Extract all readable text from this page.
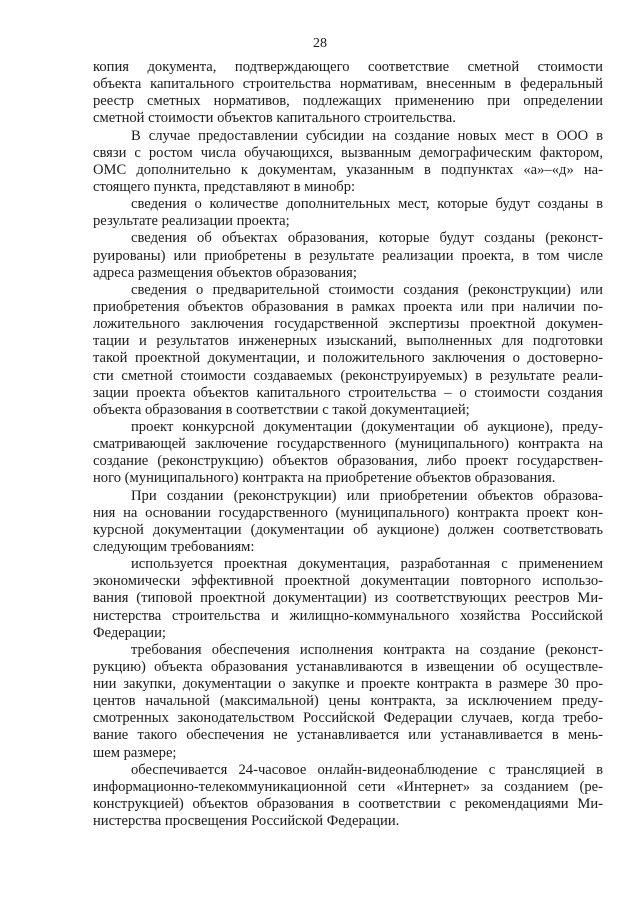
28
копия документа, подтверждающего соответствие сметной стоимости
объекта капитального строительства нормативам, внесенным в федеральный
реестр сметных нормативов, подлежащих применению при определении
сметной стоимости объектов капитального строительства.
В случае предоставлении субсидии на создание новых мест в ООО в
связи с ростом числа обучающихся, вызванным демографическим фактором,
ОМС дополнительно к документам, указанным в подпунктах «а»–«д» на-
стоящего пункта, представляют в минобр:
сведения о количестве дополнительных мест, которые будут созданы в
результате реализации проекта;
сведения об объектах образования, которые будут созданы (реконст-
руированы) или приобретены в результате реализации проекта, в том числе
адреса размещения объектов образования;
сведения о предварительной стоимости создания (реконструкции) или
приобретения объектов образования в рамках проекта или при наличии по-
ложительного заключения государственной экспертизы проектной докумен-
тации и результатов инженерных изысканий, выполненных для подготовки
такой проектной документации, и положительного заключения о достоверно-
сти сметной стоимости создаваемых (реконструируемых) в результате реали-
зации проекта объектов капитального строительства – о стоимости создания
объекта образования в соответствии с такой документацией;
проект конкурсной документации (документации об аукционе), преду-
сматривающей заключение государственного (муниципального) контракта на
создание (реконструкцию) объектов образования, либо проект государствен-
ного (муниципального) контракта на приобретение объектов образования.
При создании (реконструкции) или приобретении объектов образова-
ния на основании государственного (муниципального) контракта проект кон-
курсной документации (документации об аукционе) должен соответствовать
следующим требованиям:
используется проектная документация, разработанная с применением
экономически эффективной проектной документации повторного использо-
вания (типовой проектной документации) из соответствующих реестров Ми-
нистерства строительства и жилищно-коммунального хозяйства Российской
Федерации;
требования обеспечения исполнения контракта на создание (реконст-
рукцию) объекта образования устанавливаются в извещении об осуществле-
нии закупки, документации о закупке и проекте контракта в размере 30 про-
центов начальной (максимальной) цены контракта, за исключением преду-
смотренных законодательством Российской Федерации случаев, когда требо-
вание такого обеспечения не устанавливается или устанавливается в мень-
шем размере;
обеспечивается 24-часовое онлайн-видеонаблюдение с трансляцией в
информационно-телекоммуникационной сети «Интернет» за созданием (ре-
конструкцией) объектов образования в соответствии с рекомендациями Ми-
нистерства просвещения Российской Федерации.
